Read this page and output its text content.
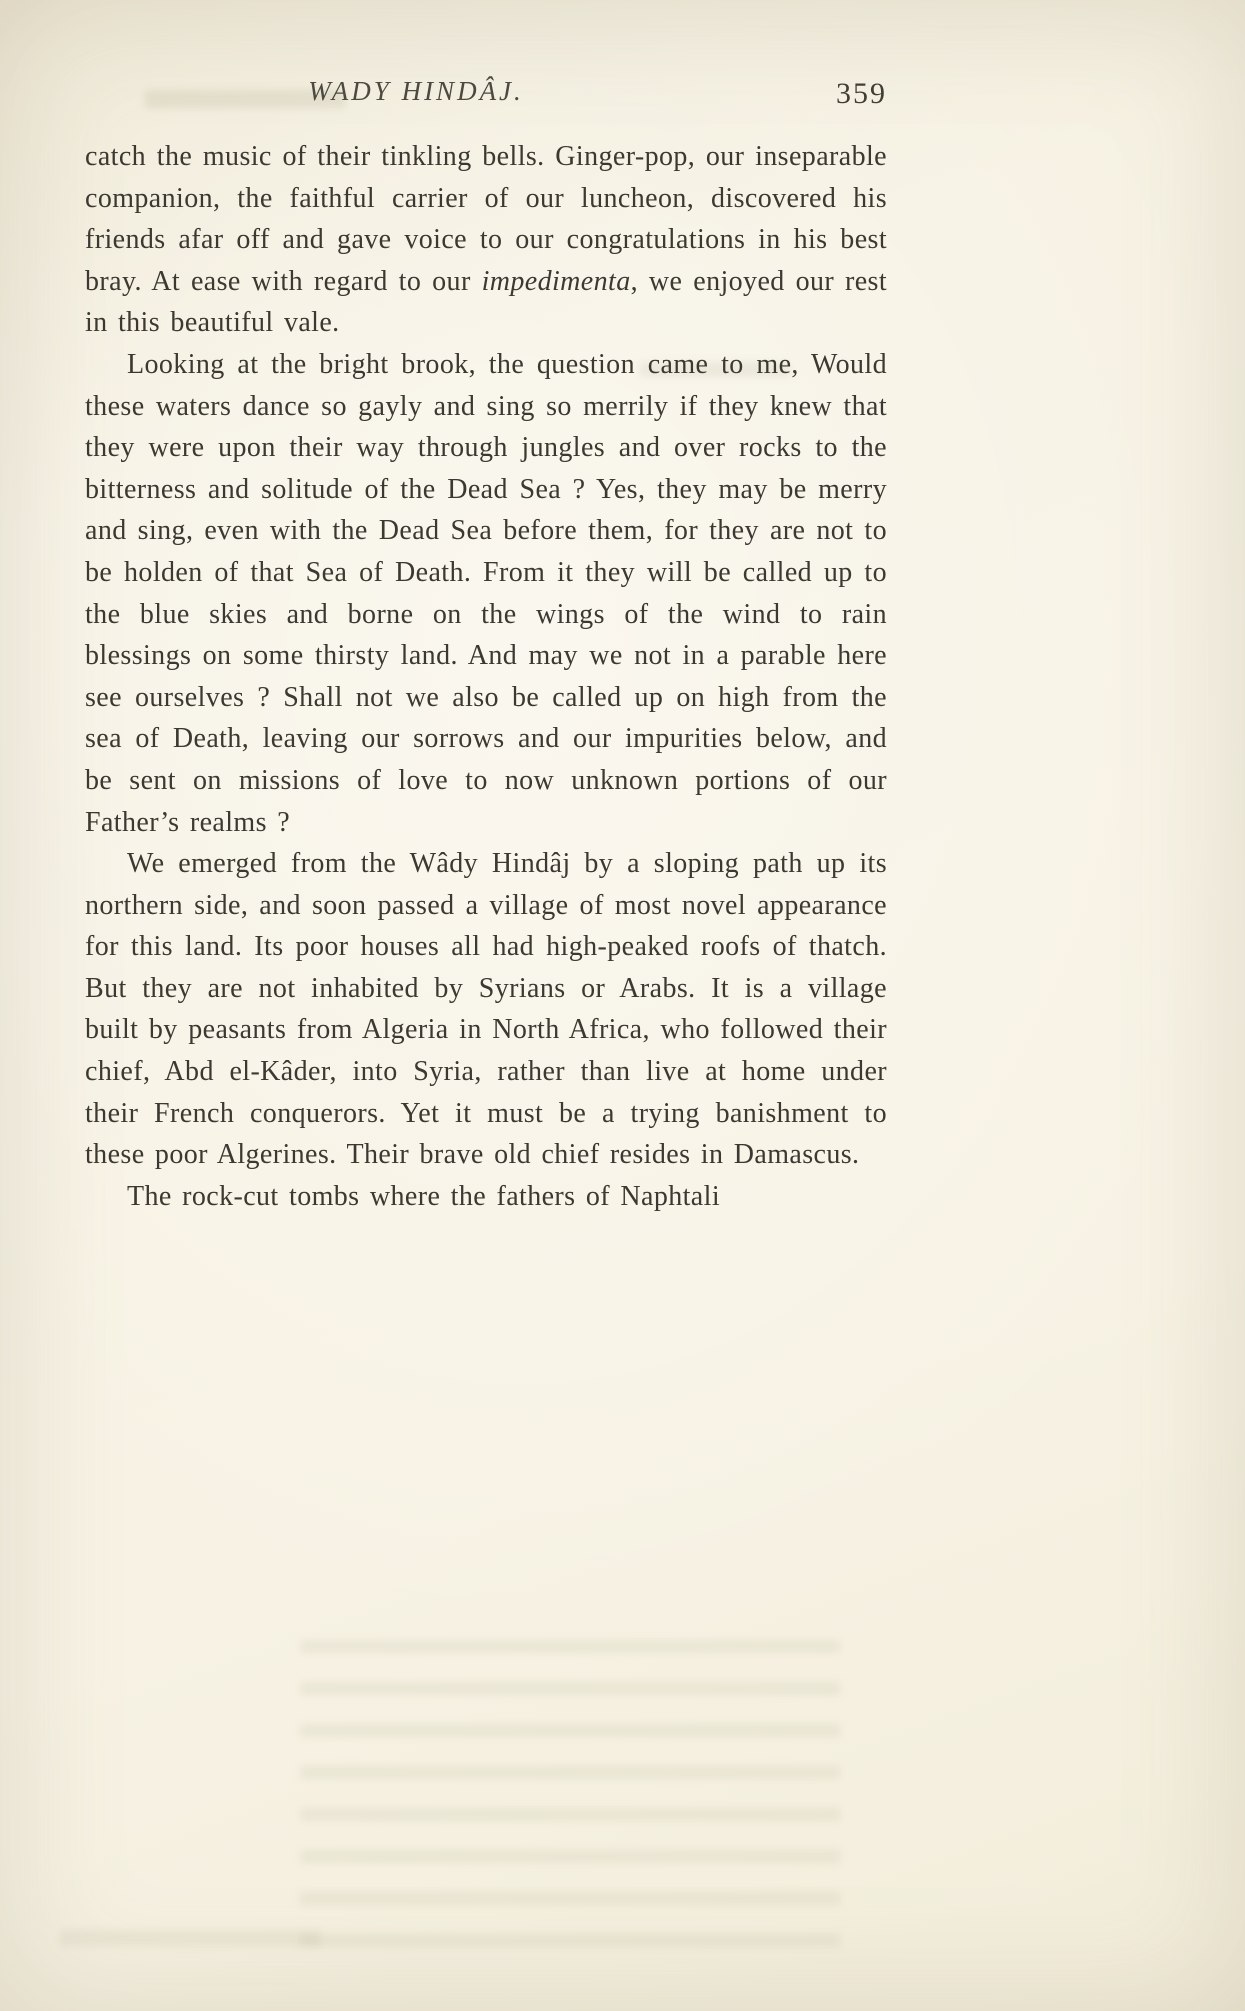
WADY HINDÂJ.	359

catch the music of their tinkling bells. Ginger-pop, our inseparable companion, the faithful carrier of our luncheon, discovered his friends afar off and gave voice to our congratulations in his best bray. At ease with regard to our impedimenta, we enjoyed our rest in this beautiful vale.

Looking at the bright brook, the question came to me, Would these waters dance so gayly and sing so merrily if they knew that they were upon their way through jungles and over rocks to the bitterness and solitude of the Dead Sea ? Yes, they may be merry and sing, even with the Dead Sea before them, for they are not to be holden of that Sea of Death. From it they will be called up to the blue skies and borne on the wings of the wind to rain blessings on some thirsty land. And may we not in a parable here see ourselves ? Shall not we also be called up on high from the sea of Death, leaving our sorrows and our impurities below, and be sent on missions of love to now unknown portions of our Father’s realms ?

We emerged from the Wâdy Hindâj by a sloping path up its northern side, and soon passed a village of most novel appearance for this land. Its poor houses all had high-peaked roofs of thatch. But they are not inhabited by Syrians or Arabs. It is a village built by peasants from Algeria in North Africa, who followed their chief, Abd el-Kâder, into Syria, rather than live at home under their French conquerors. Yet it must be a trying banishment to these poor Algerines. Their brave old chief resides in Damascus.

The rock-cut tombs where the fathers of Naphtali
